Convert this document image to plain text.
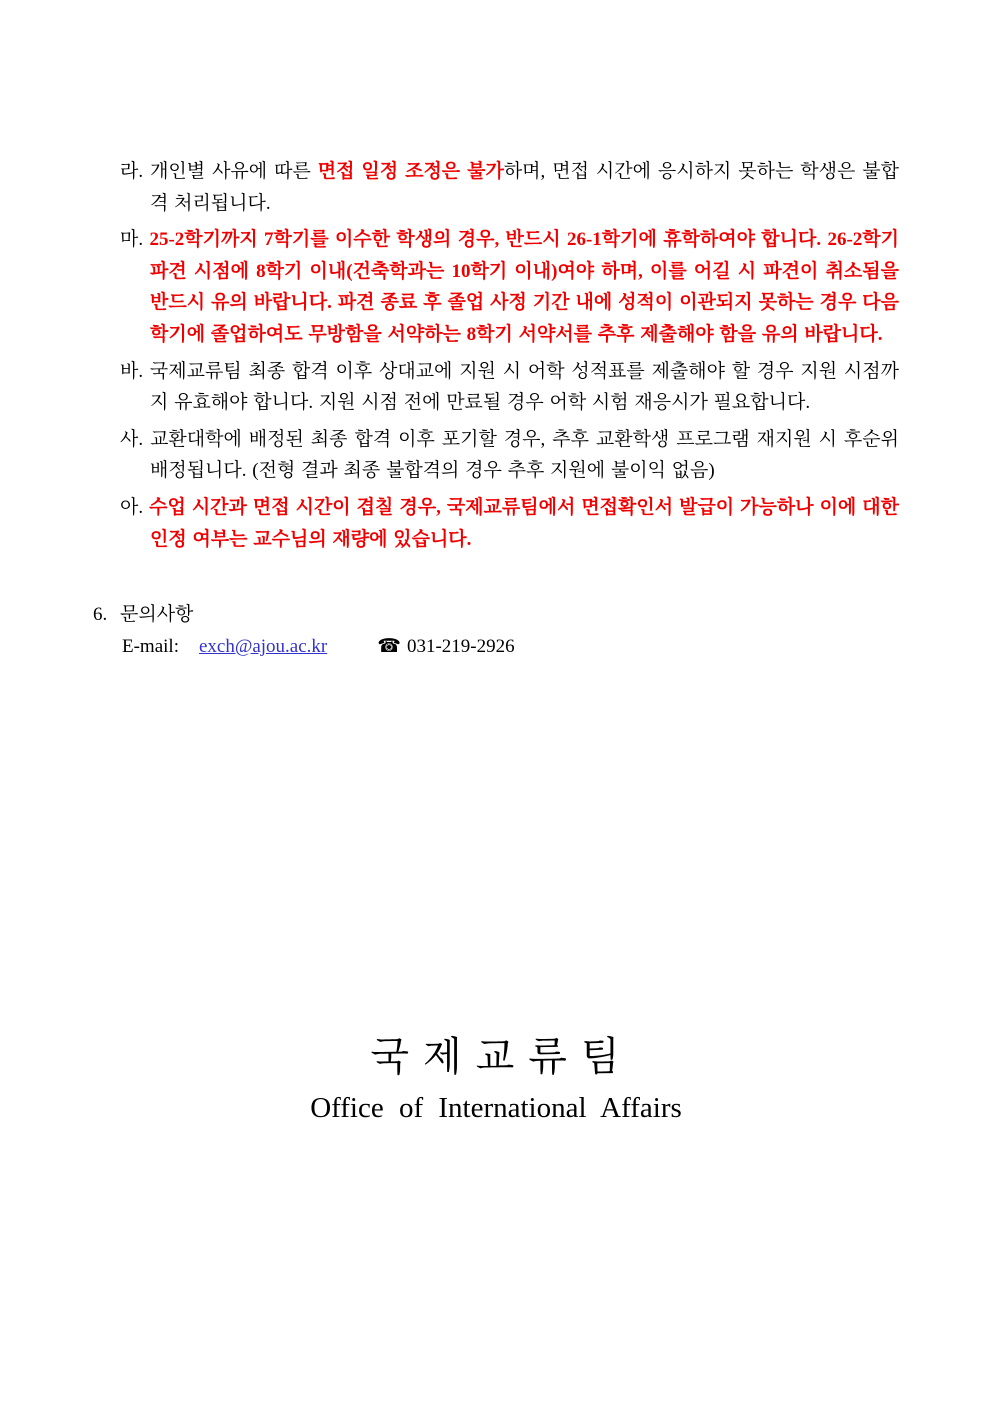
라. 개인별 사유에 따른 면접 일정 조정은 불가하며, 면접 시간에 응시하지 못하는 학생은 불합격 처리됩니다.
마. 25-2학기까지 7학기를 이수한 학생의 경우, 반드시 26-1학기에 휴학하여야 합니다. 26-2학기 파견 시점에 8학기 이내(건축학과는 10학기 이내)여야 하며, 이를 어길 시 파견이 취소됨을 반드시 유의 바랍니다. 파견 종료 후 졸업 사정 기간 내에 성적이 이관되지 못하는 경우 다음 학기에 졸업하여도 무방함을 서약하는 8학기 서약서를 추후 제출해야 함을 유의 바랍니다.
바. 국제교류팀 최종 합격 이후 상대교에 지원 시 어학 성적표를 제출해야 할 경우 지원 시점까지 유효해야 합니다. 지원 시점 전에 만료될 경우 어학 시험 재응시가 필요합니다.
사. 교환대학에 배정된 최종 합격 이후 포기할 경우, 추후 교환학생 프로그램 재지원 시 후순위 배정됩니다. (전형 결과 최종 불합격의 경우 추후 지원에 불이익 없음)
아. 수업 시간과 면접 시간이 겹칠 경우, 국제교류팀에서 면접확인서 발급이 가능하나 이에 대한 인정 여부는 교수님의 재량에 있습니다.
6. 문의사항
E-mail: exch@ajou.ac.kr	☎ 031-219-2926
국 제 교 류 팀
Office of International Affairs
